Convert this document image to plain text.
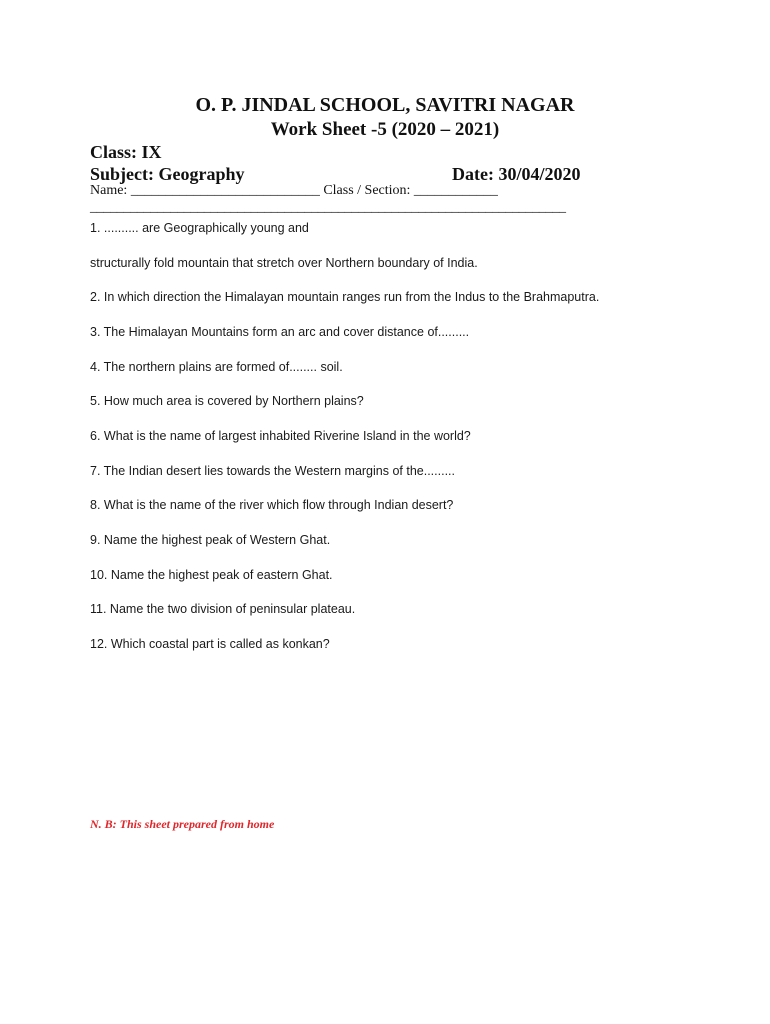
O. P. JINDAL SCHOOL, SAVITRI NAGAR
Work Sheet -5 (2020 – 2021)
Class: IX
Subject: Geography	Date: 30/04/2020
Name: ___________________________ Class / Section: ____________
_______________________________________________________________________
1. .......... are Geographically young and
structurally fold mountain that stretch over Northern boundary of India.
2. In which direction the Himalayan mountain ranges run from the Indus to the Brahmaputra.
3. The Himalayan Mountains form an arc and cover distance of.........
4. The northern plains are formed of........ soil.
5. How much area is covered by Northern plains?
6. What is the name of largest inhabited Riverine Island in the world?
7. The Indian desert lies towards the Western margins of the.........
8. What is the name of the river which flow through Indian desert?
9. Name the highest peak of Western Ghat.
10. Name the highest peak of eastern Ghat.
11. Name the two division of peninsular plateau.
12. Which coastal part is called as konkan?
N. B: This sheet prepared from home
